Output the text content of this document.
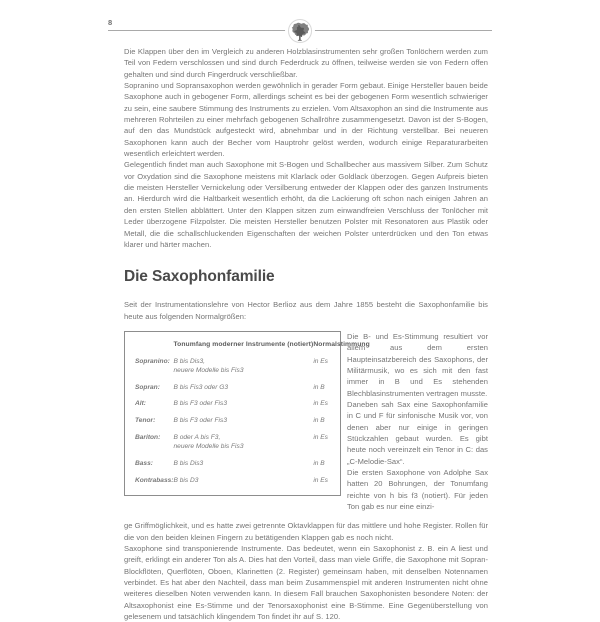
8

Die Klappen über den im Vergleich zu anderen Holzblasinstrumenten sehr großen Tonlöchern werden zum Teil von Federn verschlossen und sind durch Federdruck zu öffnen, teilweise werden sie von Federn offen gehalten und sind durch Fingerdruck verschließbar.

Sopranino und Sopransaxophon werden gewöhnlich in gerader Form gebaut. Einige Hersteller bauen beide Saxophone auch in gebogener Form, allerdings scheint es bei der gebogenen Form wesentlich schwieriger zu sein, eine saubere Stimmung des Instruments zu erzielen. Vom Altsaxophon an sind die Instrumente aus mehreren Rohrteilen zu einer mehrfach gebogenen Schallröhre zusammengesetzt. Davon ist der S-Bogen, auf den das Mundstück aufgesteckt wird, abnehmbar und in der Richtung verstellbar. Bei neueren Saxophonen kann auch der Becher vom Hauptrohr gelöst werden, wodurch einige Reparaturarbeiten wesentlich erleichtert werden.

Gelegentlich findet man auch Saxophone mit S-Bogen und Schallbecher aus massivem Silber. Zum Schutz vor Oxydation sind die Saxophone meistens mit Klarlack oder Goldlack überzogen. Gegen Aufpreis bieten die meisten Hersteller Vernickelung oder Versilberung entweder der Klappen oder des ganzen Instruments an. Hierdurch wird die Haltbarkeit wesentlich erhöht, da die Lackierung oft schon nach einigen Jahren an den ersten Stellen abblättert. Unter den Klappen sitzen zum einwandfreien Verschluss der Tonlöcher mit Leder überzogene Filzpolster. Die meisten Hersteller benutzen Polster mit Resonatoren aus Plastik oder Metall, die die schallschluckenden Eigenschaften der weichen Polster unterdrücken und den Ton etwas klarer und härter machen.

Die Saxophonfamilie

Seit der Instrumentationslehre von Hector Berlioz aus dem Jahre 1855 besteht die Saxophonfamilie bis heute aus folgenden Normalgrößen:

	Tonumfang moderner Instrumente (notiert)	Normalstimmung
Sopranino:	B bis Dis3,
neuere Modelle bis Fis3	in Es
Sopran:	B bis Fis3 oder G3	in B
Alt:	B bis F3 oder Fis3	in Es
Tenor:	B bis F3 oder Fis3	in B
Bariton:	B oder A bis F3,
neuere Modelle bis Fis3	in Es
Bass:	B bis Dis3	in B
Kontrabass:	B bis D3	in Es

Die B- und Es-Stimmung resultiert vor allem aus dem ersten Haupteinsatzbereich des Saxophons, der Militärmusik, wo es sich mit den fast immer in B und Es stehenden Blechblasinstrumenten vertragen musste.

Daneben sah Sax eine Saxophonfamilie in C und F für sinfonische Musik vor, von denen aber nur einige in geringen Stückzahlen gebaut wurden. Es gibt heute noch vereinzelt ein Tenor in C: das „C-Melodie-Sax“.

Die ersten Saxophone von Adolphe Sax hatten 20 Bohrungen, der Tonumfang reichte von h bis f3 (notiert). Für jeden Ton gab es nur eine einzi-

ge Griffmöglichkeit, und es hatte zwei getrennte Oktavklappen für das mittlere und hohe Register. Rollen für die von den beiden kleinen Fingern zu betätigenden Klappen gab es noch nicht.

Saxophone sind transponierende Instrumente. Das bedeutet, wenn ein Saxophonist z. B. ein A liest und greift, erklingt ein anderer Ton als A. Dies hat den Vorteil, dass man viele Griffe, die Saxophone mit Sopran-Blockflöten, Querflöten, Oboen, Klarinetten (2. Register) gemeinsam haben, mit denselben Notennamen verbindet. Es hat aber den Nachteil, dass man beim Zusammenspiel mit anderen Instrumenten nicht ohne weiteres dieselben Noten verwenden kann. In diesem Fall brauchen Saxophonisten besondere Noten: der Altsaxophonist eine Es-Stimme und der Tenorsaxophonist eine B-Stimme. Eine Gegenüberstellung von gelesenem und tatsächlich klingendem Ton findet ihr auf S. 120.
